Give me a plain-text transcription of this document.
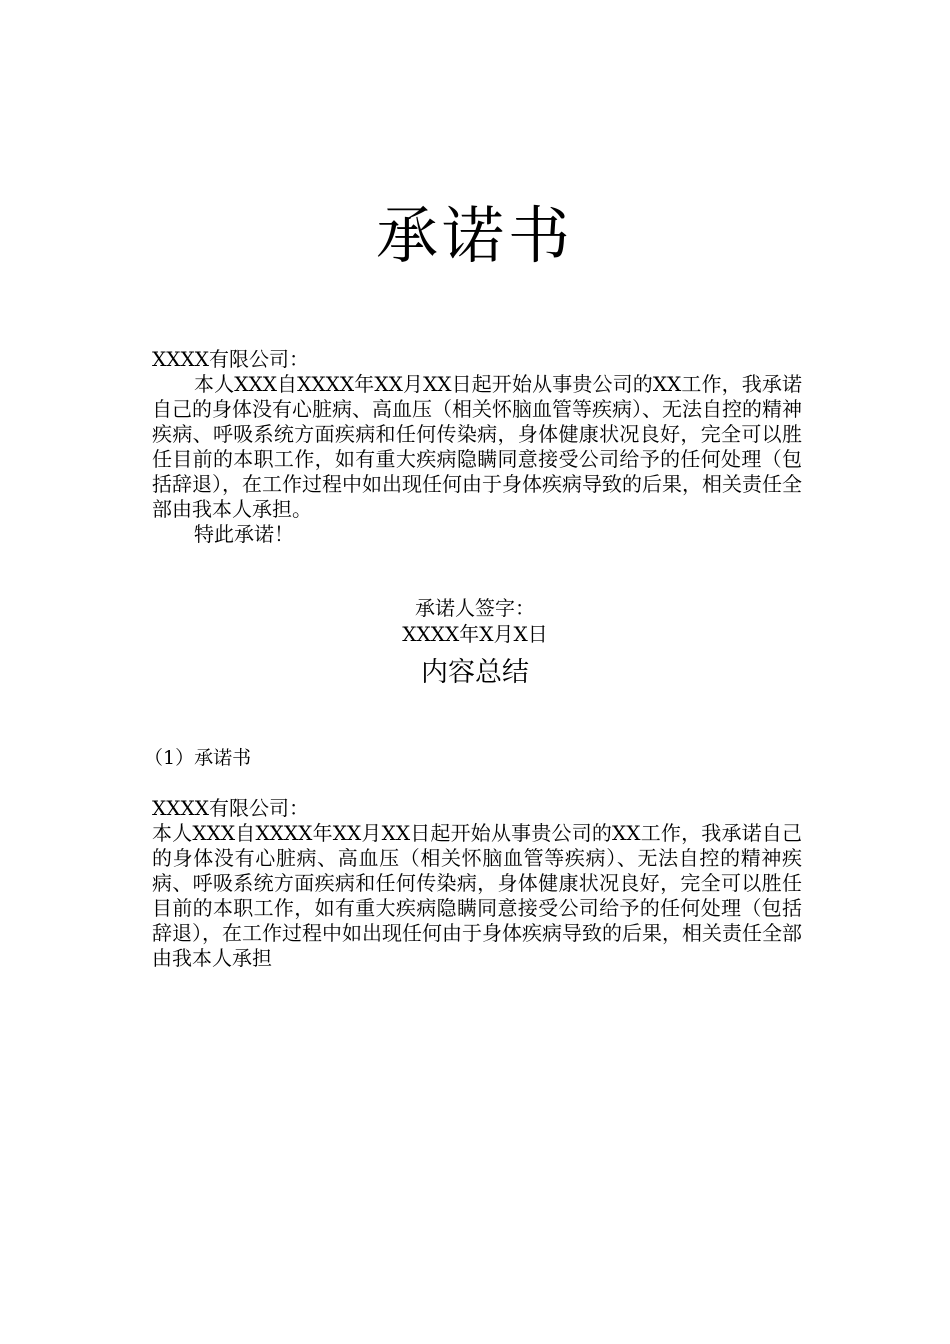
承诺书
XXXX有限公司：
本人XXX自XXXX年XX月XX日起开始从事贵公司的XX工作，我承诺自己的身体没有心脏病、高血压（相关怀脑血管等疾病）、无法自控的精神疾病、呼吸系统方面疾病和任何传染病，身体健康状况良好，完全可以胜任目前的本职工作，如有重大疾病隐瞒同意接受公司给予的任何处理（包括辞退），在工作过程中如出现任何由于身体疾病导致的后果，相关责任全部由我本人承担。
特此承诺！
承诺人签字：
XXXX年X月X日
内容总结
（1）承诺书
XXXX有限公司：
本人XXX自XXXX年XX月XX日起开始从事贵公司的XX工作，我承诺自己的身体没有心脏病、高血压（相关怀脑血管等疾病）、无法自控的精神疾病、呼吸系统方面疾病和任何传染病，身体健康状况良好，完全可以胜任目前的本职工作，如有重大疾病隐瞒同意接受公司给予的任何处理（包括辞退），在工作过程中如出现任何由于身体疾病导致的后果，相关责任全部由我本人承担
